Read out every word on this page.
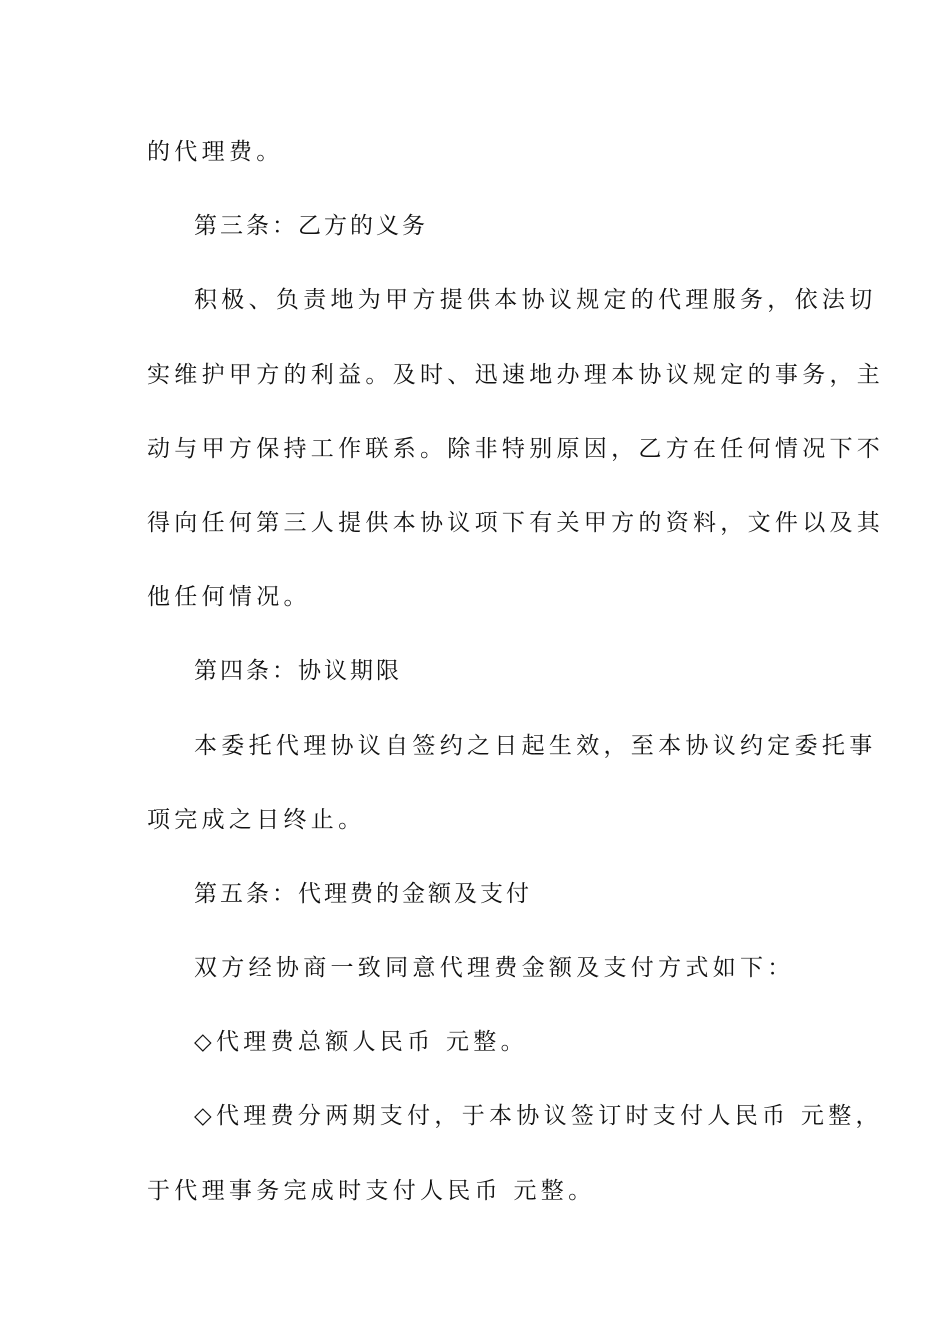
的代理费。
第三条：乙方的义务
积极、负责地为甲方提供本协议规定的代理服务，依法切
实维护甲方的利益。及时、迅速地办理本协议规定的事务，主
动与甲方保持工作联系。除非特别原因，乙方在任何情况下不
得向任何第三人提供本协议项下有关甲方的资料，文件以及其
他任何情况。
第四条：协议期限
本委托代理协议自签约之日起生效，至本协议约定委托事
项完成之日终止。
第五条：代理费的金额及支付
双方经协商一致同意代理费金额及支付方式如下：
◇代理费总额人民币 元整。
◇代理费分两期支付，于本协议签订时支付人民币 元整，
于代理事务完成时支付人民币 元整。
